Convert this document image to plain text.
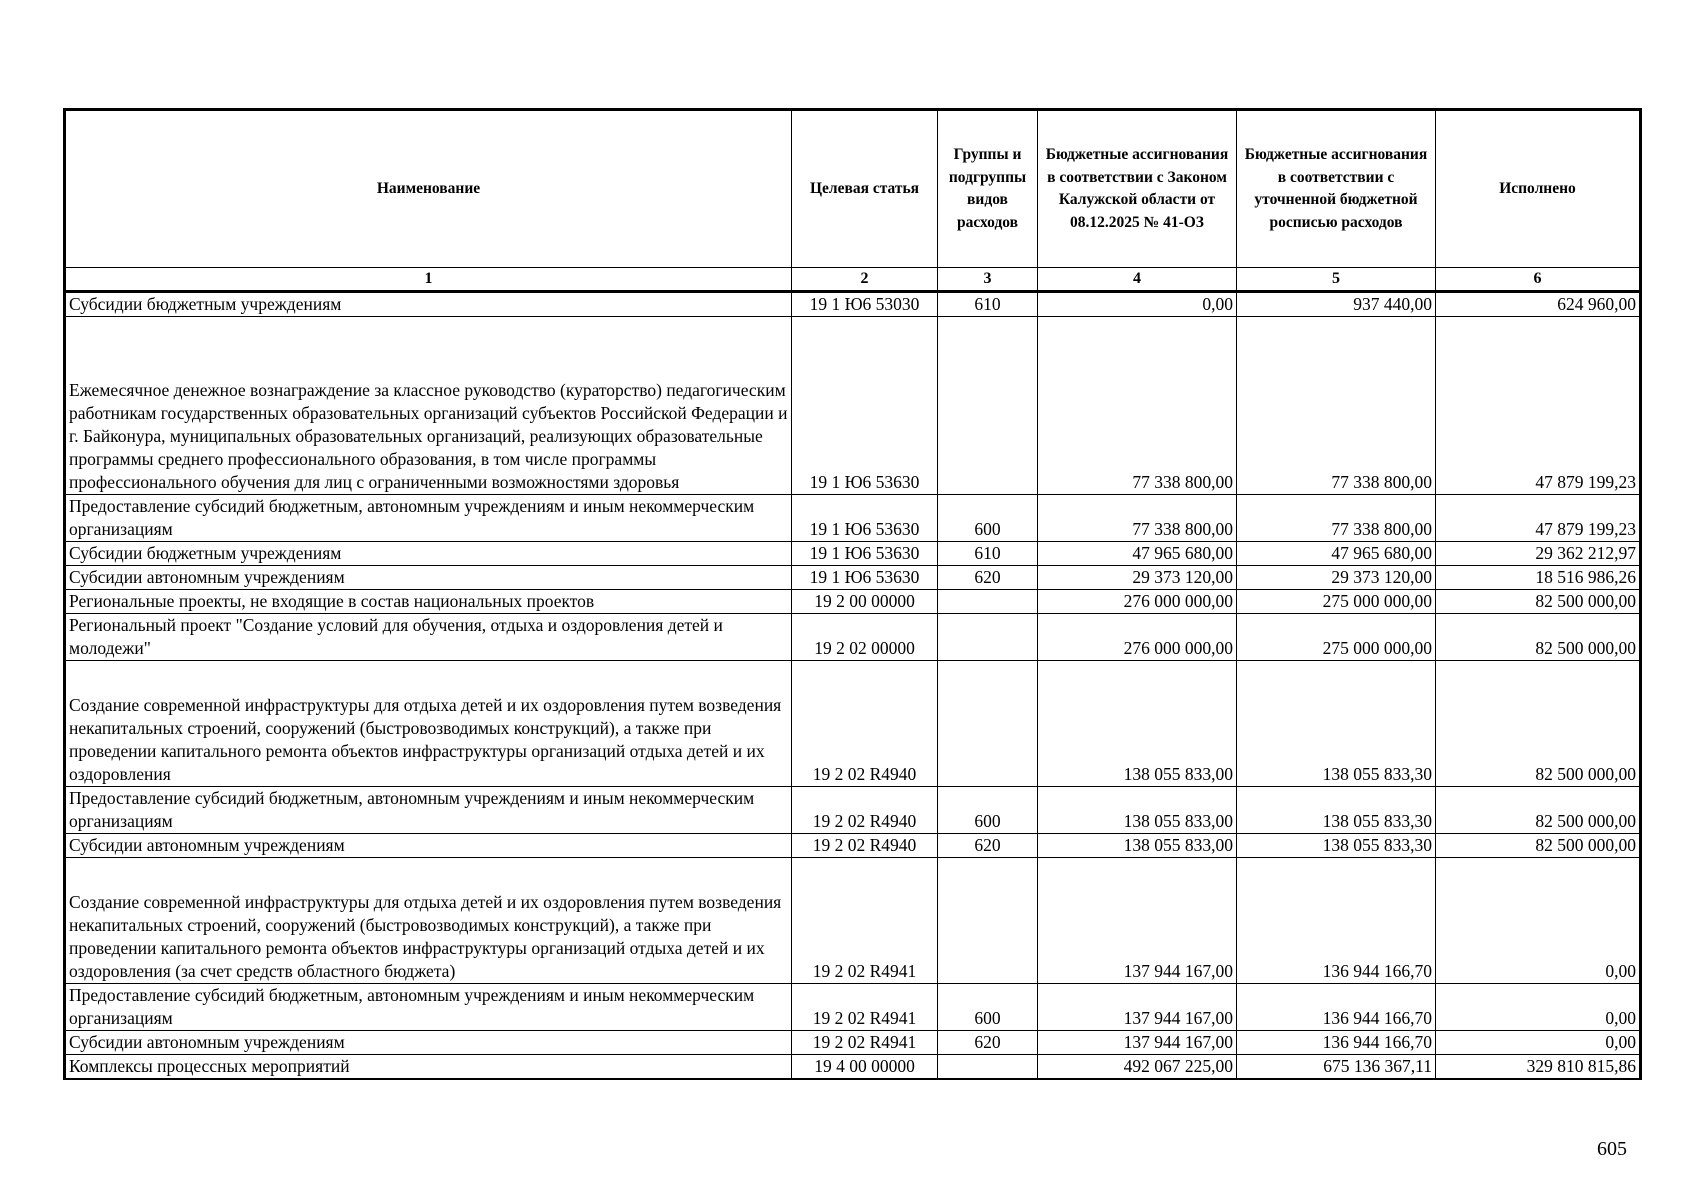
Наименование	Целевая статья	Группы и подгруппы видов расходов	Бюджетные ассигнования в соответствии с Законом Калужской области от 08.12.2025 № 41-ОЗ	Бюджетные ассигнования в соответствии с уточненной бюджетной росписью расходов	Исполнено
1	2	3	4	5	6
Субсидии бюджетным учреждениям	19 1 Ю6 53030	610	0,00	937 440,00	624 960,00
Ежемесячное денежное вознаграждение за классное руководство (кураторство) педагогическим работникам государственных образовательных организаций субъектов Российской Федерации и г. Байконура, муниципальных образовательных организаций, реализующих образовательные программы среднего профессионального образования, в том числе программы профессионального обучения для лиц с ограниченными возможностями здоровья	19 1 Ю6 53630		77 338 800,00	77 338 800,00	47 879 199,23
Предоставление субсидий бюджетным, автономным учреждениям и иным некоммерческим организациям	19 1 Ю6 53630	600	77 338 800,00	77 338 800,00	47 879 199,23
Субсидии бюджетным учреждениям	19 1 Ю6 53630	610	47 965 680,00	47 965 680,00	29 362 212,97
Субсидии автономным учреждениям	19 1 Ю6 53630	620	29 373 120,00	29 373 120,00	18 516 986,26
Региональные проекты, не входящие в состав национальных проектов	19 2 00 00000		276 000 000,00	275 000 000,00	82 500 000,00
Региональный проект "Создание условий для обучения, отдыха и оздоровления детей и молодежи"	19 2 02 00000		276 000 000,00	275 000 000,00	82 500 000,00
Создание современной инфраструктуры для отдыха детей и их оздоровления путем возведения некапитальных строений, сооружений (быстровозводимых конструкций), а также при проведении капитального ремонта объектов инфраструктуры организаций отдыха детей и их оздоровления	19 2 02 R4940		138 055 833,00	138 055 833,30	82 500 000,00
Предоставление субсидий бюджетным, автономным учреждениям и иным некоммерческим организациям	19 2 02 R4940	600	138 055 833,00	138 055 833,30	82 500 000,00
Субсидии автономным учреждениям	19 2 02 R4940	620	138 055 833,00	138 055 833,30	82 500 000,00
Создание современной инфраструктуры для отдыха детей и их оздоровления путем возведения некапитальных строений, сооружений (быстровозводимых конструкций), а также при проведении капитального ремонта объектов инфраструктуры организаций отдыха детей и их оздоровления (за счет средств областного бюджета)	19 2 02 R4941		137 944 167,00	136 944 166,70	0,00
Предоставление субсидий бюджетным, автономным учреждениям и иным некоммерческим организациям	19 2 02 R4941	600	137 944 167,00	136 944 166,70	0,00
Субсидии автономным учреждениям	19 2 02 R4941	620	137 944 167,00	136 944 166,70	0,00
Комплексы процессных мероприятий	19 4 00 00000		492 067 225,00	675 136 367,11	329 810 815,86
605
